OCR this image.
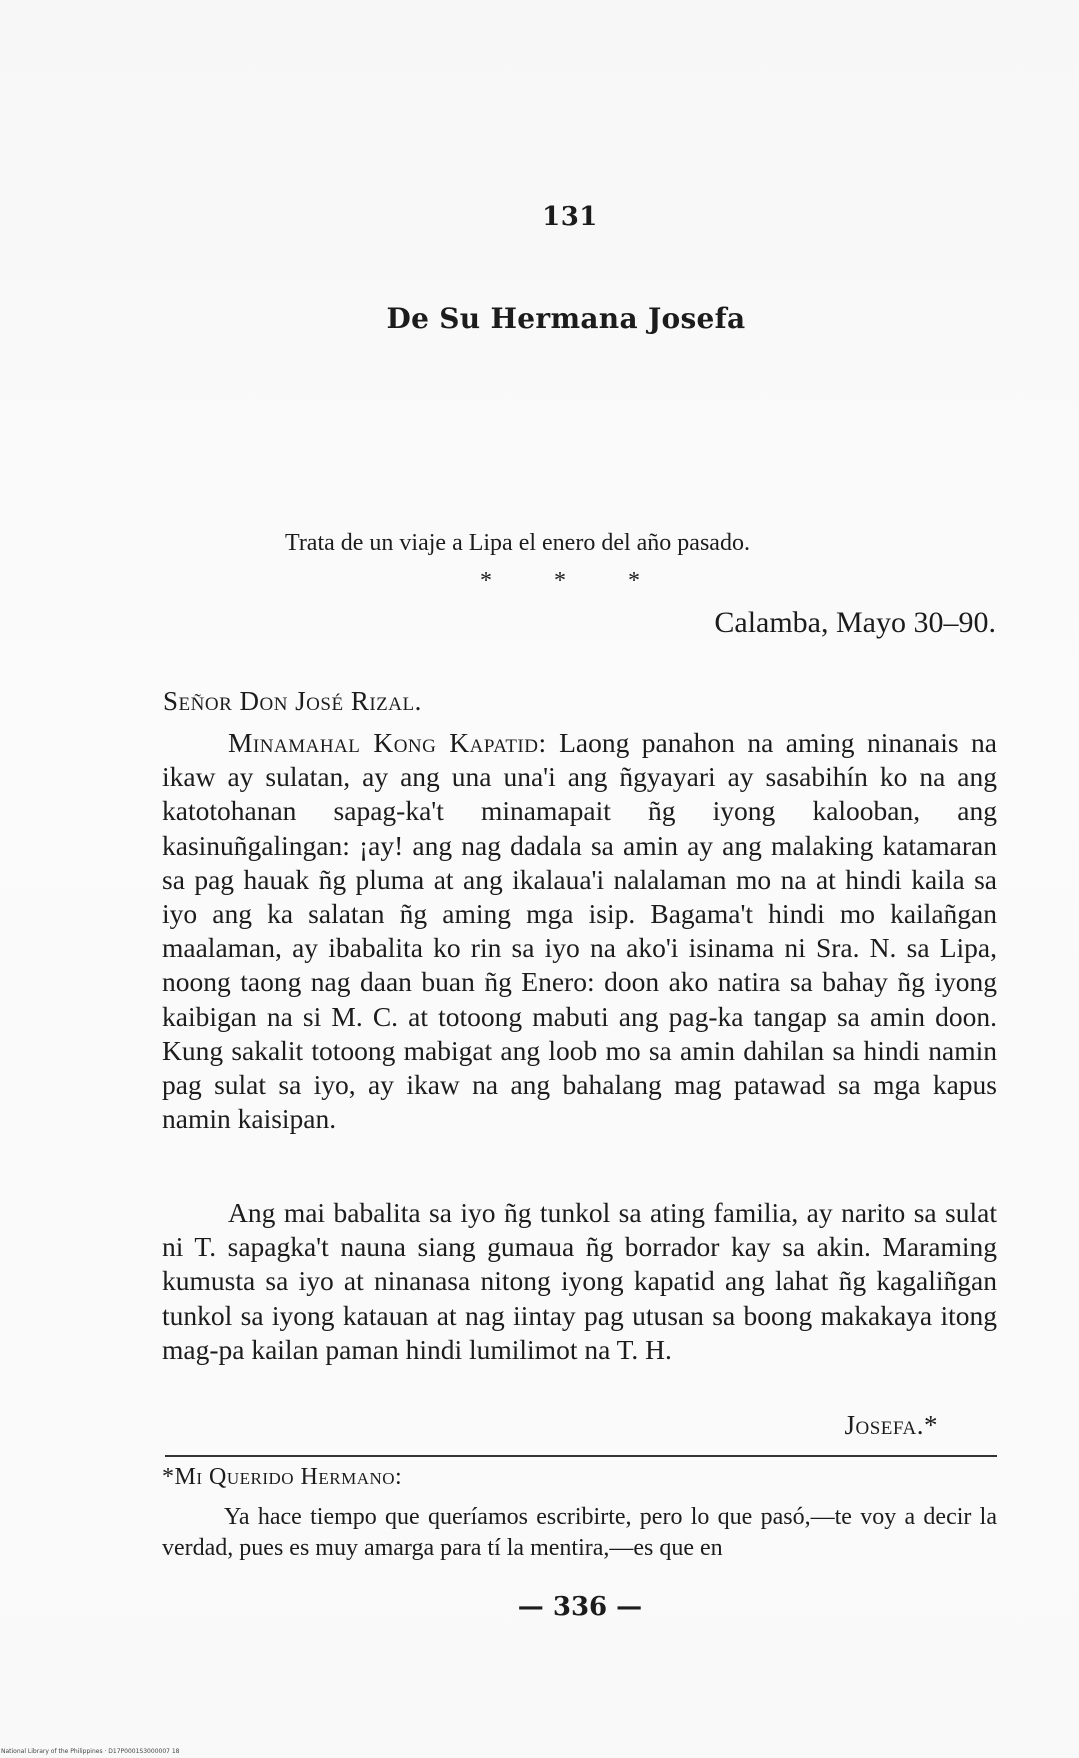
131
De Su Hermana Josefa
Trata de un viaje a Lipa el enero del año pasado.
* * *
Calamba, Mayo 30–90.
Señor Don José Rizal.

Minamahal Kong Kapatid: Laong panahon na aming ninanais na ikaw ay sulatan, ay ang una una'i ang ñgyayari ay sasabihín ko na ang katotohanan sapag-ka't minamapait ñg iyong kalooban, ang kasinuñgalingan: ¡ay! ang nag dadala sa amin ay ang malaking katamaran sa pag hauak ñg pluma at ang ikalaua'i nalalaman mo na at hindi kaila sa iyo ang ka salatan ñg aming mga isip. Bagama't hindi mo kailañgan maalaman, ay ibabalita ko rin sa iyo na ako'i isinama ni Sra. N. sa Lipa, noong taong nag daan buan ñg Enero: doon ako natira sa bahay ñg iyong kaibigan na si M. C. at totoong mabuti ang pag-ka tangap sa amin doon. Kung sakalit totoong mabigat ang loob mo sa amin dahilan sa hindi namin pag sulat sa iyo, ay ikaw na ang bahalang mag patawad sa mga kapus namin kaisipan.

Ang mai babalita sa iyo ñg tunkol sa ating familia, ay narito sa sulat ni T. sapagka't nauna siang gumaua ñg borrador kay sa akin. Maraming kumusta sa iyo at ninanasa nitong iyong kapatid ang lahat ñg kagaliñgan tunkol sa iyong katauan at nag iintay pag utusan sa boong makakaya itong mag-pa kailan paman hindi lumilimot na T. H.

Josefa.*
*Mi Querido Hermano:

Ya hace tiempo que queríamos escribirte, pero lo que pasó,—te voy a decir la verdad, pues es muy amarga para tí la mentira,—es que en

— 336 —
National Library of the Philippines · D17P0001S3000007 18
